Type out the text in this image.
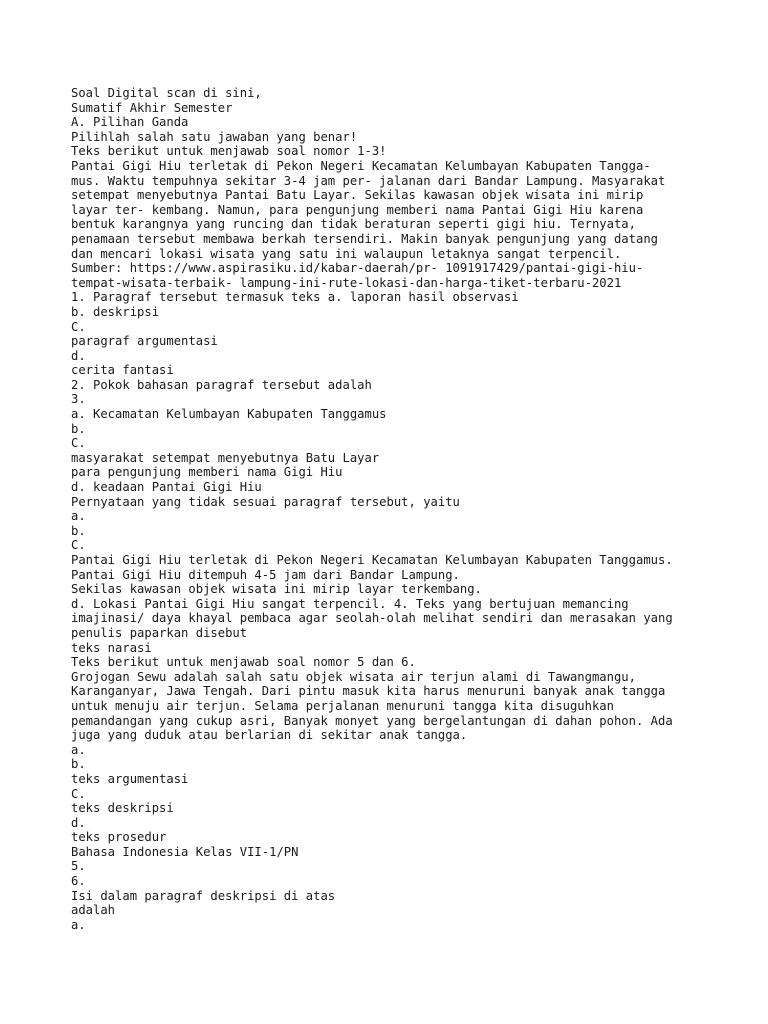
Soal Digital scan di sini,
Sumatif Akhir Semester
A. Pilihan Ganda
Pilihlah salah satu jawaban yang benar!
Teks berikut untuk menjawab soal nomor 1-3!
Pantai Gigi Hiu terletak di Pekon Negeri Kecamatan Kelumbayan Kabupaten Tangga-
mus. Waktu tempuhnya sekitar 3-4 jam per- jalanan dari Bandar Lampung. Masyarakat
setempat menyebutnya Pantai Batu Layar. Sekilas kawasan objek wisata ini mirip
layar ter- kembang. Namun, para pengunjung memberi nama Pantai Gigi Hiu karena
bentuk karangnya yang runcing dan tidak beraturan seperti gigi hiu. Ternyata,
penamaan tersebut membawa berkah tersendiri. Makin banyak pengunjung yang datang
dan mencari lokasi wisata yang satu ini walaupun letaknya sangat terpencil.
Sumber: https://www.aspirasiku.id/kabar-daerah/pr- 1091917429/pantai-gigi-hiu-
tempat-wisata-terbaik- lampung-ini-rute-lokasi-dan-harga-tiket-terbaru-2021
1. Paragraf tersebut termasuk teks a. laporan hasil observasi
b. deskripsi
C.
paragraf argumentasi
d.
cerita fantasi
2. Pokok bahasan paragraf tersebut adalah
3.
a. Kecamatan Kelumbayan Kabupaten Tanggamus
b.
C.
masyarakat setempat menyebutnya Batu Layar
para pengunjung memberi nama Gigi Hiu
d. keadaan Pantai Gigi Hiu
Pernyataan yang tidak sesuai paragraf tersebut, yaitu
a.
b.
C.
Pantai Gigi Hiu terletak di Pekon Negeri Kecamatan Kelumbayan Kabupaten Tanggamus.
Pantai Gigi Hiu ditempuh 4-5 jam dari Bandar Lampung.
Sekilas kawasan objek wisata ini mirip layar terkembang.
d. Lokasi Pantai Gigi Hiu sangat terpencil. 4. Teks yang bertujuan memancing
imajinasi/ daya khayal pembaca agar seolah-olah melihat sendiri dan merasakan yang
penulis paparkan disebut
teks narasi
Teks berikut untuk menjawab soal nomor 5 dan 6.
Grojogan Sewu adalah salah satu objek wisata air terjun alami di Tawangmangu,
Karanganyar, Jawa Tengah. Dari pintu masuk kita harus menuruni banyak anak tangga
untuk menuju air terjun. Selama perjalanan menuruni tangga kita disuguhkan
pemandangan yang cukup asri, Banyak monyet yang bergelantungan di dahan pohon. Ada
juga yang duduk atau berlarian di sekitar anak tangga.
a.
b.
teks argumentasi
C.
teks deskripsi
d.
teks prosedur
Bahasa Indonesia Kelas VII-1/PN
5.
6.
Isi dalam paragraf deskripsi di atas
adalah
a.
